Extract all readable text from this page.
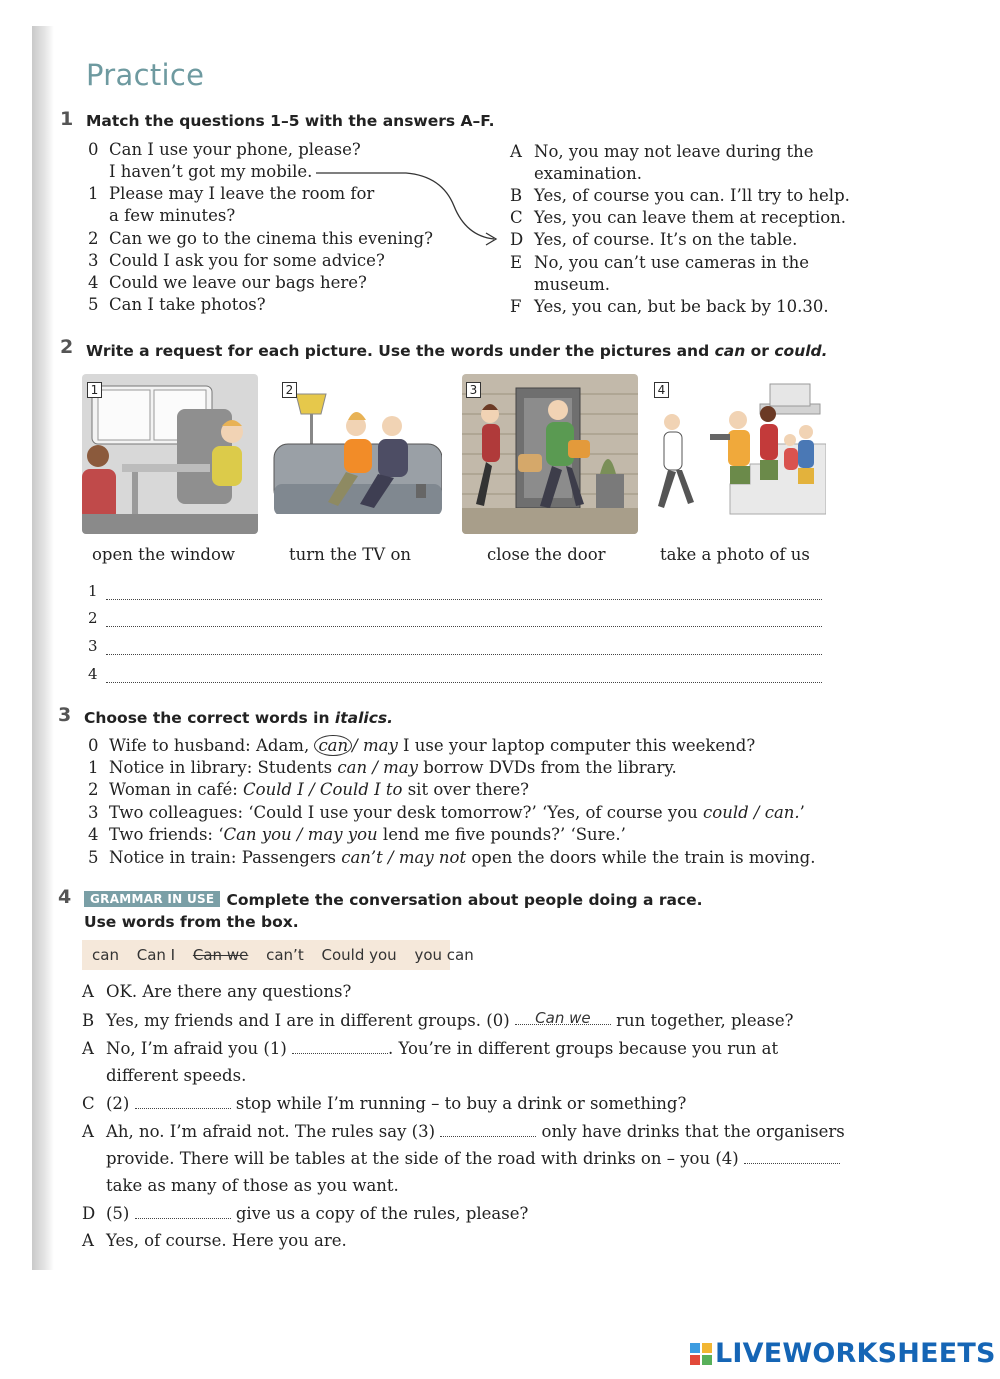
Practice
1 Match the questions 1–5 with the answers A–F.
0 Can I use your phone, please?
I haven’t got my mobile.
1 Please may I leave the room for
a few minutes?
2 Can we go to the cinema this evening?
3 Could I ask you for some advice?
4 Could we leave our bags here?
5 Can I take photos?
A No, you may not leave during the
examination.
B Yes, of course you can. I’ll try to help.
C Yes, you can leave them at reception.
D Yes, of course. It’s on the table.
E No, you can’t use cameras in the
museum.
F Yes, you can, but be back by 10.30.
2 Write a request for each picture. Use the words under the pictures and can or could.
1	2	3	4
open the window	turn the TV on	close the door	take a photo of us
1
2
3
4
3 Choose the correct words in italics.
0 Wife to husband: Adam, can / may I use your laptop computer this weekend?
1 Notice in library: Students can / may borrow DVDs from the library.
2 Woman in café: Could I / Could I to sit over there?
3 Two colleagues: ‘Could I use your desk tomorrow?’ ‘Yes, of course you could / can.’
4 Two friends: ‘Can you / may you lend me five pounds?’ ‘Sure.’
5 Notice in train: Passengers can’t / may not open the doors while the train is moving.
4	GRAMMAR IN USE Complete the conversation about people doing a race.
Use words from the box.
can Can I Can we can’t Could you you can
A OK. Are there any questions?
B Yes, my friends and I are in different groups. (0) Can we run together, please?
A No, I’m afraid you (1)	. You’re in different groups because you run at
different speeds.
C (2)	stop while I’m running – to buy a drink or something?
A Ah, no. I’m afraid not. The rules say (3)	only have drinks that the organisers
provide. There will be tables at the side of the road with drinks on – you (4)
take as many of those as you want.
D (5)	give us a copy of the rules, please?
A Yes, of course. Here you are.
LIVEWORKSHEETS
